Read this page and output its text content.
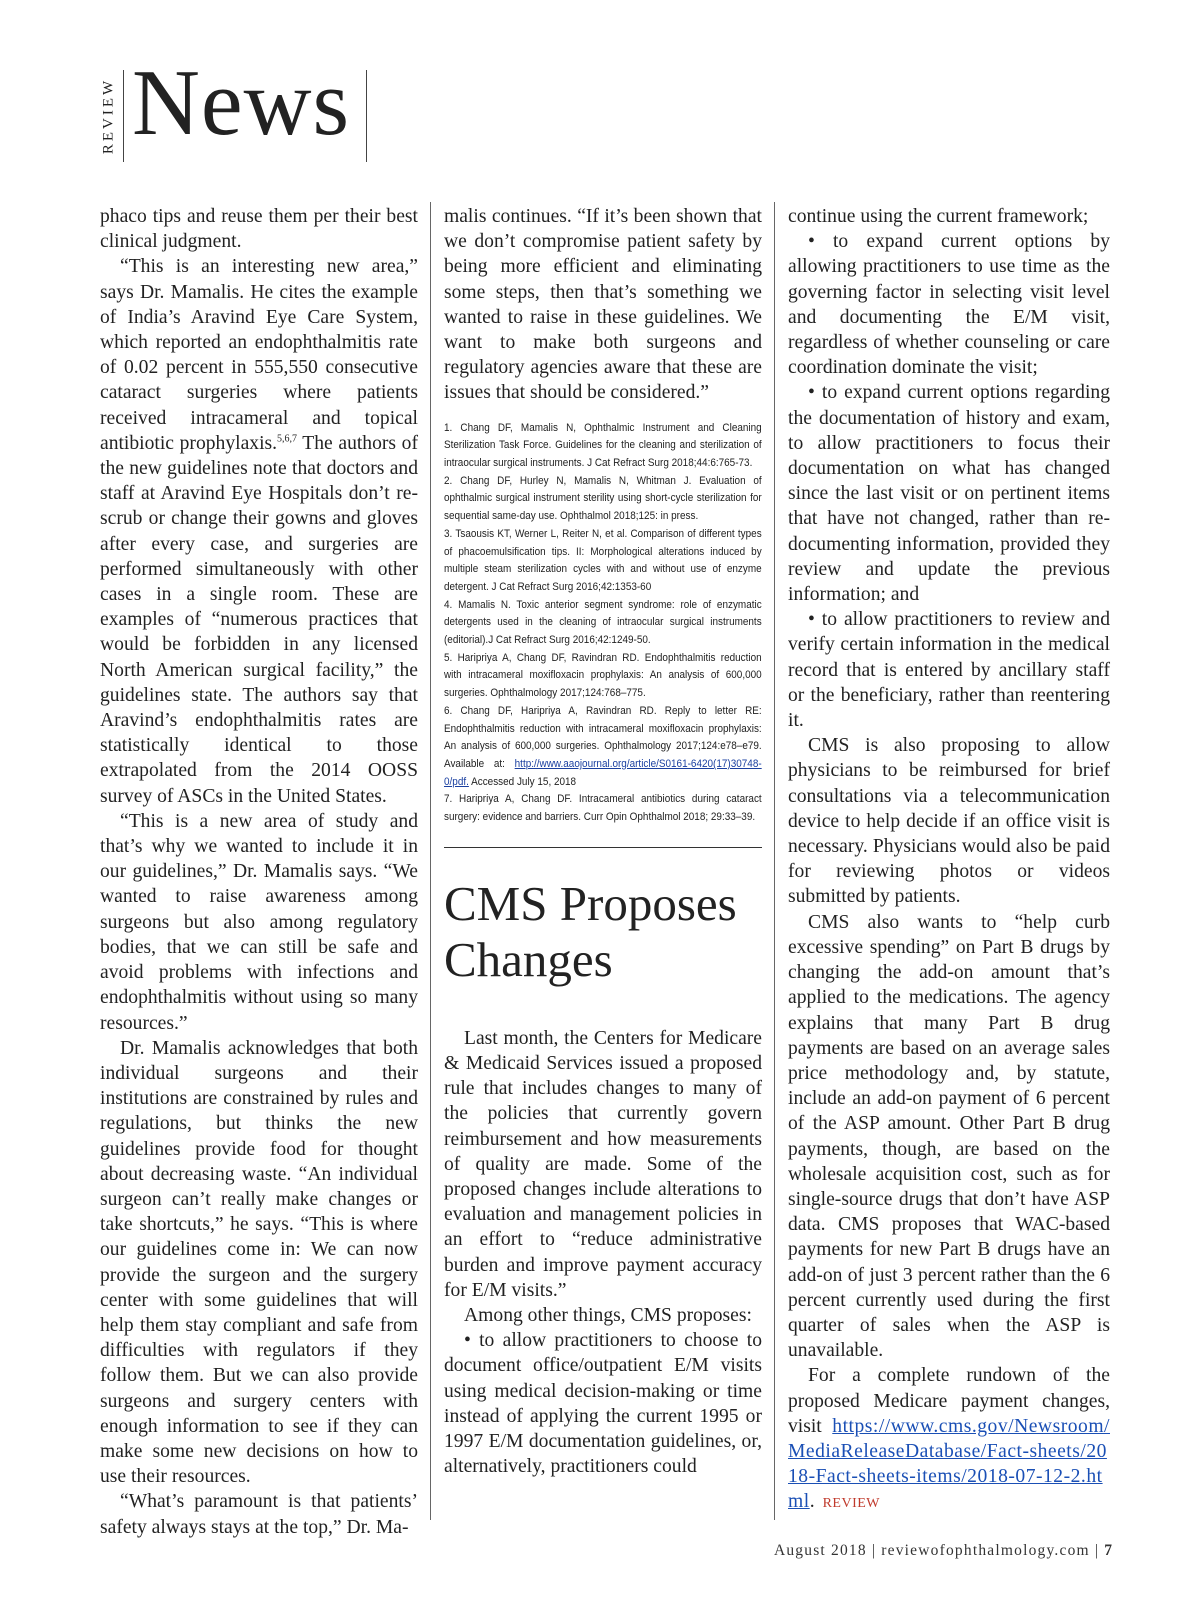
REVIEW News

phaco tips and reuse them per their best clinical judgment.

“This is an interesting new area,” says Dr. Mamalis. He cites the example of India’s Aravind Eye Care System, which reported an endophthalmitis rate of 0.02 percent in 555,550 consecutive cataract surgeries where patients received intracameral and topical antibiotic prophylaxis.$^{5,6,7}$ The authors of the new guidelines note that doctors and staff at Aravind Eye Hospitals don’t re-scrub or change their gowns and gloves after every case, and surgeries are performed simultaneously with other cases in a single room. These are examples of “numerous practices that would be forbidden in any licensed North American surgical facility,” the guidelines state. The authors say that Aravind’s endophthalmitis rates are statistically identical to those extrapolated from the 2014 OOSS survey of ASCs in the United States.

“This is a new area of study and that’s why we wanted to include it in our guidelines,” Dr. Mamalis says. “We wanted to raise awareness among surgeons but also among regulatory bodies, that we can still be safe and avoid problems with infections and endophthalmitis without using so many resources.”

Dr. Mamalis acknowledges that both individual surgeons and their institutions are constrained by rules and regulations, but thinks the new guidelines provide food for thought about decreasing waste. “An individual surgeon can’t really make changes or take shortcuts,” he says. “This is where our guidelines come in: We can now provide the surgeon and the surgery center with some guidelines that will help them stay compliant and safe from difficulties with regulators if they follow them. But we can also provide surgeons and surgery centers with enough information to see if they can make some new decisions on how to use their resources.

“What’s paramount is that patients’ safety always stays at the top,” Dr. Ma-

malis continues. “If it’s been shown that we don’t compromise patient safety by being more efficient and eliminating some steps, then that’s something we wanted to raise in these guidelines. We want to make both surgeons and regulatory agencies aware that these are issues that should be considered.”

1. Chang DF, Mamalis N, Ophthalmic Instrument and Cleaning Sterilization Task Force. Guidelines for the cleaning and sterilization of intraocular surgical instruments. J Cat Refract Surg 2018;44:6:765-73.

2. Chang DF, Hurley N, Mamalis N, Whitman J. Evaluation of ophthalmic surgical instrument sterility using short-cycle sterilization for sequential same-day use. Ophthalmol 2018;125: in press.

3. Tsaousis KT, Werner L, Reiter N, et al. Comparison of different types of phacoemulsification tips. II: Morphological alterations induced by multiple steam sterilization cycles with and without use of enzyme detergent. J Cat Refract Surg 2016;42:1353-60

4. Mamalis N. Toxic anterior segment syndrome: role of enzymatic detergents used in the cleaning of intraocular surgical instruments (editorial).J Cat Refract Surg 2016;42:1249-50.

5. Haripriya A, Chang DF, Ravindran RD. Endophthalmitis reduction with intracameral moxifloxacin prophylaxis: An analysis of 600,000 surgeries. Ophthalmology 2017;124:768–775.

6. Chang DF, Haripriya A, Ravindran RD. Reply to letter RE: Endophthalmitis reduction with intracameral moxifloxacin prophylaxis: An analysis of 600,000 surgeries. Ophthalmology 2017;124:e78–e79. Available at: http://www.aaojournal.org/article/S0161-6420(17)30748-0/pdf. Accessed July 15, 2018

7. Haripriya A, Chang DF. Intracameral antibiotics during cataract surgery: evidence and barriers. Curr Opin Ophthalmol 2018; 29:33–39.

CMS Proposes Changes

Last month, the Centers for Medicare & Medicaid Services issued a proposed rule that includes changes to many of the policies that currently govern reimbursement and how measurements of quality are made. Some of the proposed changes include alterations to evaluation and management policies in an effort to “reduce administrative burden and improve payment accuracy for E/M visits.”

Among other things, CMS proposes:

• to allow practitioners to choose to document office/outpatient E/M visits using medical decision-making or time instead of applying the current 1995 or 1997 E/M documentation guidelines, or, alternatively, practitioners could

continue using the current framework;

• to expand current options by allowing practitioners to use time as the governing factor in selecting visit level and documenting the E/M visit, regardless of whether counseling or care coordination dominate the visit;

• to expand current options regarding the documentation of history and exam, to allow practitioners to focus their documentation on what has changed since the last visit or on pertinent items that have not changed, rather than re-documenting information, provided they review and update the previous information; and

• to allow practitioners to review and verify certain information in the medical record that is entered by ancillary staff or the beneficiary, rather than reentering it.

CMS is also proposing to allow physicians to be reimbursed for brief consultations via a telecommunication device to help decide if an office visit is necessary. Physicians would also be paid for reviewing photos or videos submitted by patients.

CMS also wants to “help curb excessive spending” on Part B drugs by changing the add-on amount that’s applied to the medications. The agency explains that many Part B drug payments are based on an average sales price methodology and, by statute, include an add-on payment of 6 percent of the ASP amount. Other Part B drug payments, though, are based on the wholesale acquisition cost, such as for single-source drugs that don’t have ASP data. CMS proposes that WAC-based payments for new Part B drugs have an add-on of just 3 percent rather than the 6 percent currently used during the first quarter of sales when the ASP is unavailable.

For a complete rundown of the proposed Medicare payment changes, visit https://www.cms.gov/Newsroom/MediaReleaseDatabase/Fact-sheets/2018-Fact-sheets-items/2018-07-12-2.html. REVIEW

August 2018 | reviewofophthalmology.com | 7
